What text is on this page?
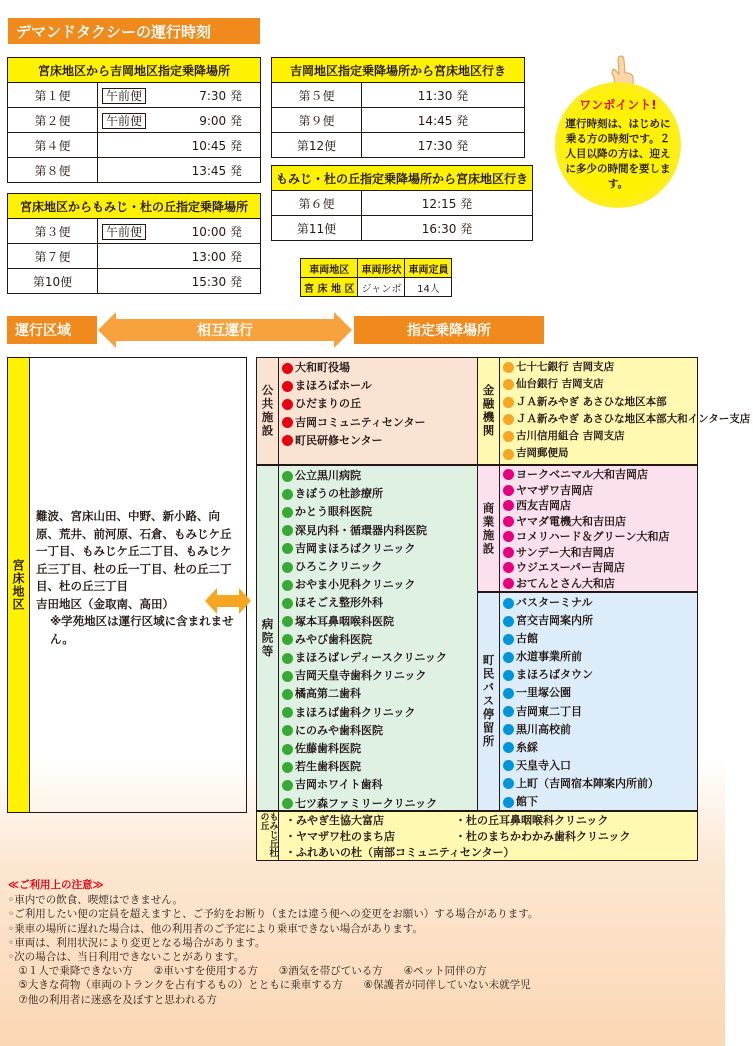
デマンドタクシーの運行時刻
宮床地区から吉岡地区指定乗降場所	
第１便	午前便 7:30 発

第２便	午前便 9:00 発

第４便	10:45 発
第８便	13:45 発
宮床地区からもみじ・杜の丘指定乗降場所	
第３便	午前便 10:00 発

第７便	13:00 発
第10便	15:30 発
吉岡地区指定乗降場所から宮床地区行き	
第５便	11:30 発
第９便	14:45 発
第12便	17:30 発
もみじ・杜の丘指定乗降場所から宮床地区行き	
第６便	12:15 発
第11便	16:30 発
車両地区	車両形状	車両定員
宮 床 地 区	ジャンボ	14人
ワンポイント!
運行時刻は、はじめに乗る方の時刻です。２人目以降の方は、迎えに多少の時間を要します。
運行区域	相互運行	指定乗降場所
宮床地区
難波、宮床山田、中野、新小路、向原、荒井、前河原、石倉、もみじケ丘一丁目、もみじケ丘二丁目、もみじケ丘三丁目、杜の丘一丁目、杜の丘二丁目、杜の丘三丁目
吉田地区（金取南、高田）
※学苑地区は運行区域に含まれません。
公共施設
大和町役場
まほろばホール
ひだまりの丘
吉岡コミュニティセンター
町民研修センター
病院等
公立黒川病院
きぼうの杜診療所
かとう眼科医院
深見内科・循環器内科医院
吉岡まほろばクリニック
ひろこクリニック
おやま小児科クリニック
ほそごえ整形外科
塚本耳鼻咽喉科医院
みやび歯科医院
まほろばレディースクリニック
吉岡天皇寺歯科クリニック
橘高第二歯科
まほろば歯科クリニック
にのみや歯科医院
佐藤歯科医院
若生歯科医院
吉岡ホワイト歯科
七ツ森ファミリークリニック
金融機関
七十七銀行 吉岡支店
仙台銀行 吉岡支店
ＪＡ新みやぎ あさひな地区本部
ＪＡ新みやぎ あさひな地区本部大和インター支店
古川信用組合 吉岡支店
吉岡郵便局
商業施設
ヨークベニマル大和吉岡店
ヤマザワ吉岡店
西友吉岡店
ヤマダ電機大和吉田店
コメリハード＆グリーン大和店
サンデー大和吉岡店
ウジエスーパー吉岡店
おてんとさん大和店
町民バス停留所
バスターミナル
宮交吉岡案内所
古館
水道事業所前
まほろばタウン
一里塚公園
吉岡東二丁目
黒川高校前
糸綵
天皇寺入口
上町（吉岡宿本陣案内所前）
館下
もみじ丘杜の丘	・みやぎ生協大富店	・杜の丘耳鼻咽喉科クリニック
・ヤマザワ杜のまち店	・杜のまちかわかみ歯科クリニック
・ふれあいの杜（南部コミュニティセンター）
≪ご利用上の注意≫
◦車内での飲食、喫煙はできません。
◦ご利用したい便の定員を超えますと、ご予約をお断り（または違う便への変更をお願い）する場合があります。
◦乗車の場所に遅れた場合は、他の利用者のご予定により乗車できない場合があります。
◦車両は、利用状況により変更となる場合があります。
◦次の場合は、当日利用できないことがあります。
　①１人で乗降できない方　　②車いすを使用する方　　③酒気を帯びている方　　④ペット同伴の方
　⑤大きな荷物（車両のトランクを占有するもの）とともに乗車する方　　⑥保護者が同伴していない未就学児
　⑦他の利用者に迷惑を及ぼすと思われる方
